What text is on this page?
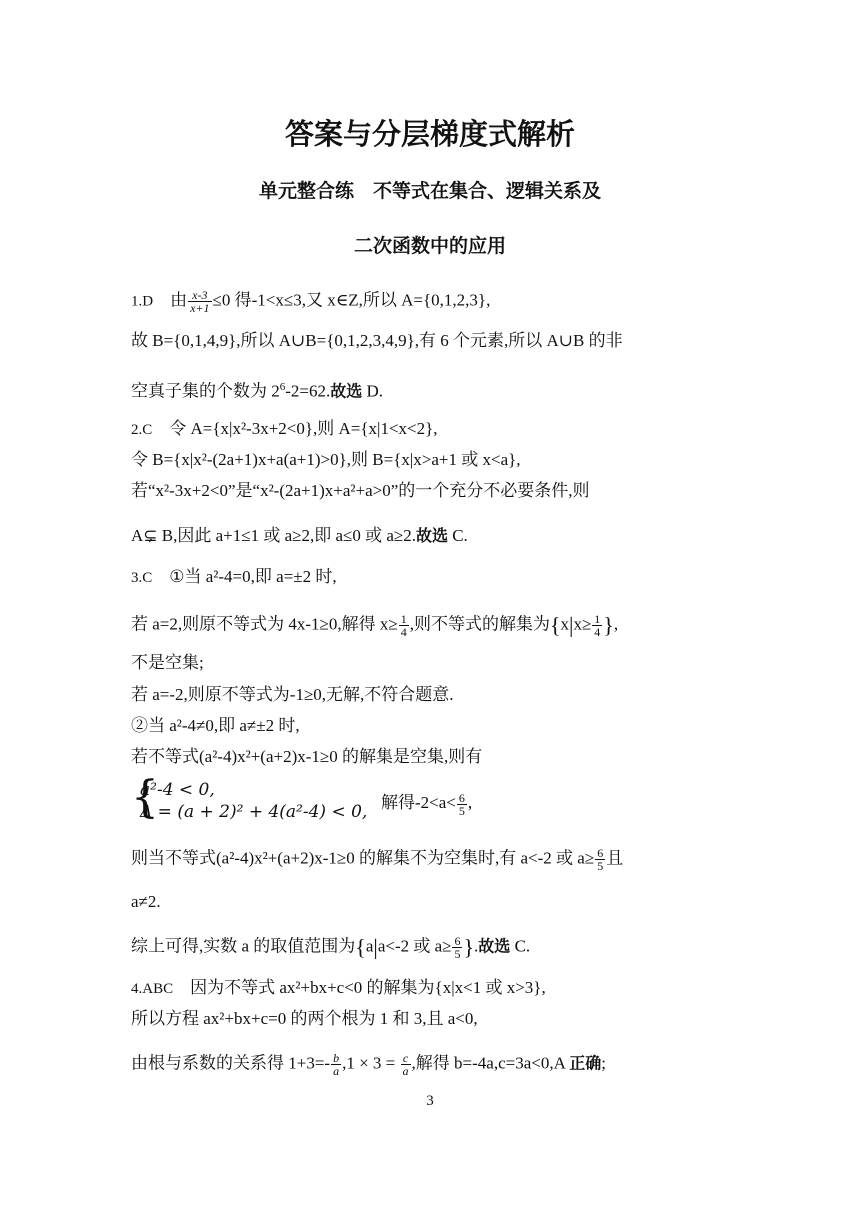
答案与分层梯度式解析
单元整合练　不等式在集合、逻辑关系及
二次函数中的应用
1.D 由 $\frac{x-3}{x+1} \le 0$ 得-1<x≤3,又 x∈Z,所以 A={0,1,2,3},
故 B={0,1,4,9},所以 A∪B={0,1,2,3,4,9},有 6 个元素,所以 A∪B 的非
空真子集的个数为 $2^6-2=62$.故选 D.
2.C 令 A={x|x²-3x+2<0},则 A={x|1<x<2},
令 B={x|x²-(2a+1)x+a(a+1)>0},则 B={x|x>a+1 或 x<a},
若“x²-3x+2<0”是“x²-(2a+1)x+a²+a>0”的一个充分不必要条件,则
A⊊ B,因此 a+1≤1 或 a≥2,即 a≤0 或 a≥2.故选 C.
3.C ①当 a²-4=0,即 a=±2 时,
若 a=2,则原不等式为 4x-1≥0,解得 $x\ge \frac{1}{4}$ ,则不等式的解集为{$x|x\ge \frac{1}{4}$ },
不是空集;
若 a=-2,则原不等式为-1≥0,无解,不符合题意.
②当 a²-4≠0,即 a≠±2 时,
若不等式(a²-4)x²+(a+2)x-1≥0 的解集是空集,则有
{
a²-4 < 0,
Δ = (a + 2)² + 4(a²-4) < 0, 解得$-2<a< \frac{6}{5}$ ,
则当不等式(a²-4)x²+(a+2)x-1≥0 的解集不为空集时,有 a<-2 或 $a\ge \frac{6}{5}$ 且
a≠2.
综上可得,实数 a 的取值范围为{a|a<-2 或 $a\ge \frac{6}{5}$ }.故选 C.
4.ABC 因为不等式 ax²+bx+c<0 的解集为{x|x<1 或 x>3},
所以方程 ax²+bx+c=0 的两个根为 1 和 3,且 a<0,
由根与系数的关系得 $1+3=- \frac{b}{a} ,1 \times 3 = \frac{c}{a}$ ,解得 b=-4a,c=3a<0,A 正确;
3
